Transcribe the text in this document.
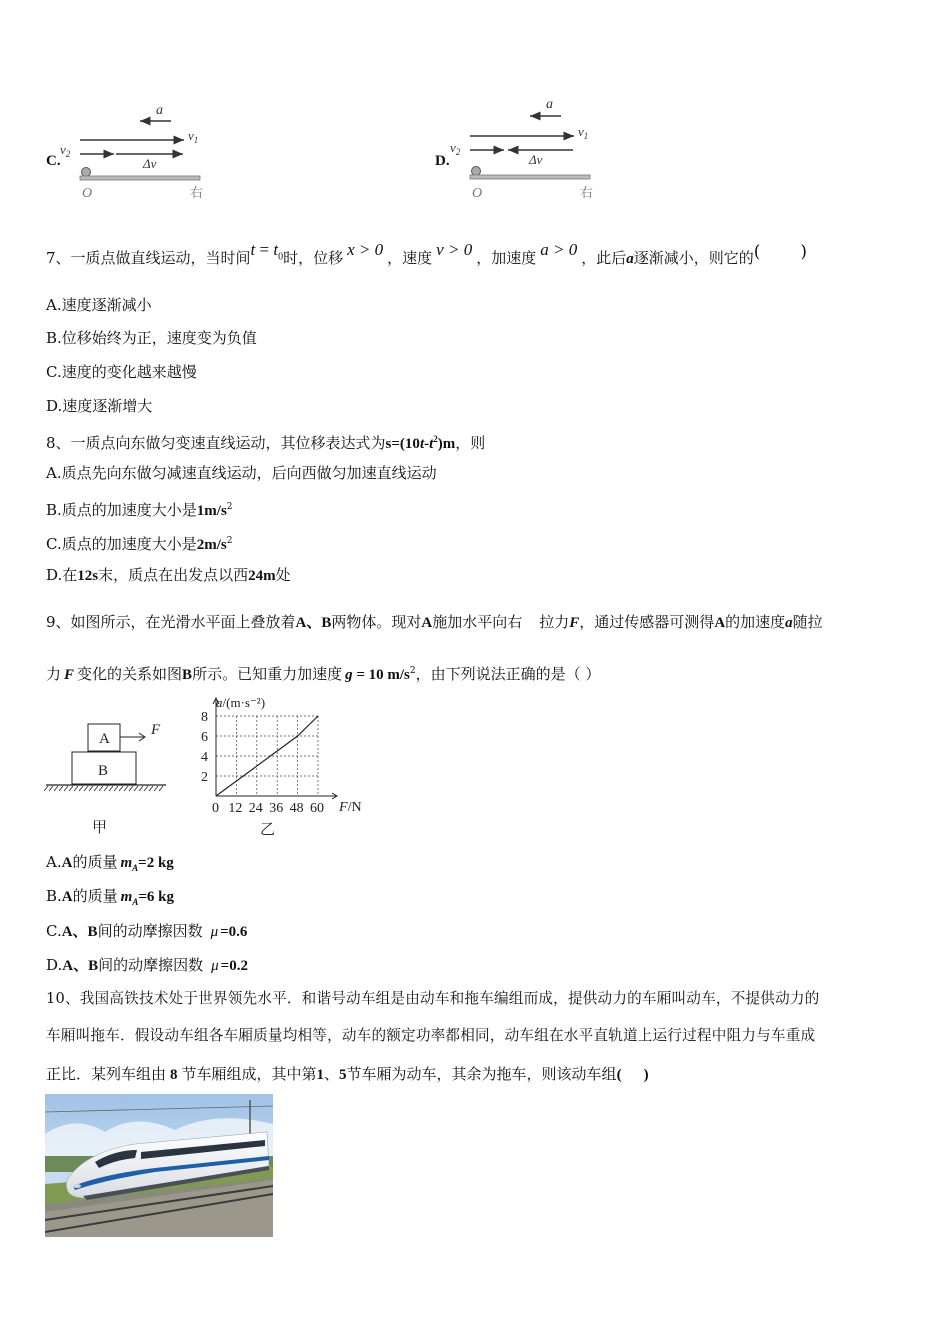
C.
a
$v_1$
$v_2$
Δv
O	右
D.
a
$v_1$
$v_2$	Δv
O	右
7、一质点做直线运动，当时间$t = t_0$时，位移 x > 0 ，速度 v > 0 ，加速度 a > 0 ，此后a逐渐减小，则它的( )
A.速度逐渐减小
B.位移始终为正，速度变为负值
C.速度的变化越来越慢
D.速度逐渐增大
8、一质点向东做匀变速直线运动，其位移表达式为$s=(10t-t^2)m$，则
A.质点先向东做匀减速直线运动，后向西做匀加速直线运动
B.质点的加速度大小是$1m/s^2$
C.质点的加速度大小是$2m/s^2$
D.在12s末，质点在出发点以西24m处
9、如图所示，在光滑水平面上叠放着A、B两物体。现对A施加水平向右 拉力F，通过传感器可测得A的加速度a随拉
力 F 变化的关系如图B所示。已知重力加速度 g = 10 $m/s^2$，由下列说法正确的是（ ）
A
F
B
甲
0 12 24 36 48 60
2
4
6
8
a/(m·s⁻²)
F/N
乙
A.A的质量 $m_A=2$ kg
B.A的质量 $m_A=6$ kg
C.A、B间的动摩擦因数 μ =0.6
D.A、B间的动摩擦因数 μ =0.2
10、我国高铁技术处于世界领先水平．和谐号动车组是由动车和拖车编组而成，提供动力的车厢叫动车，不提供动力的
车厢叫拖车．假设动车组各车厢质量均相等，动车的额定功率都相同，动车组在水平直轨道上运行过程中阻力与车重成
正比．某列车组由 8 节车厢组成，其中第1、5节车厢为动车，其余为拖车，则该动车组( )
